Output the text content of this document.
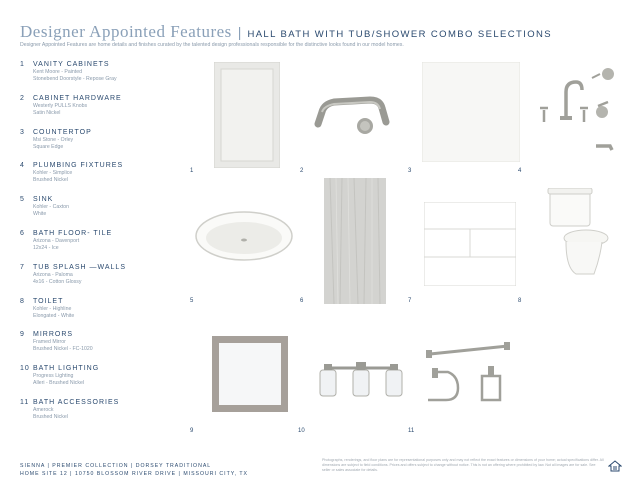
Designer Appointed Features | HALL BATH WITH TUB/SHOWER COMBO SELECTIONS
Designer Appointed Features are home details and finishes curated by the talented design professionals responsible for the distinctive looks found in our model homes.
1	VANITY CABINETS
Kent Moore - Painted
Stonebend Doorstyle - Repose Gray
2	CABINET HARDWARE
Westerly PULLS Knobs
Satin Nickel
3	COUNTERTOP
Msi Stone - Orley
Square Edge
4	PLUMBING FIXTURES
Kohler - Simplice
Brushed Nickel
5	SINK
Kohler - Caxton
White
6	BATH FLOOR- TILE
Arizona - Davenport
12x24 - Ice
7	TUB SPLASH —WALLS
Arizona - Paloma
4x16 - Cotton Glossy
8	TOILET
Kohler - Highline
Elongated - White
9	MIRRORS
Framed Mirror
Brushed Nickel - FC-1020
10 BATH LIGHTING
Progress Lighting
Alleri - Brushed Nickel
11 BATH ACCESSORIES
Amerock
Brushed Nickel
1	2	3	4
5	6	7	8
9	10	11
SIENNA | PREMIER COLLECTION | DORSEY TRADITIONAL
HOME SITE 12 | 10750 BLOSSOM RIVER DRIVE | MISSOURI CITY, TX
Photographs, renderings, and floor plans are for representational purposes only and may not reflect the exact features or dimensions of your home; actual specifications differ. All dimensions are subject to field conditions. Prices and offers subject to change without notice. This is not an offering where prohibited by law. Not all images are for sale. See seller or sales associate for details.
